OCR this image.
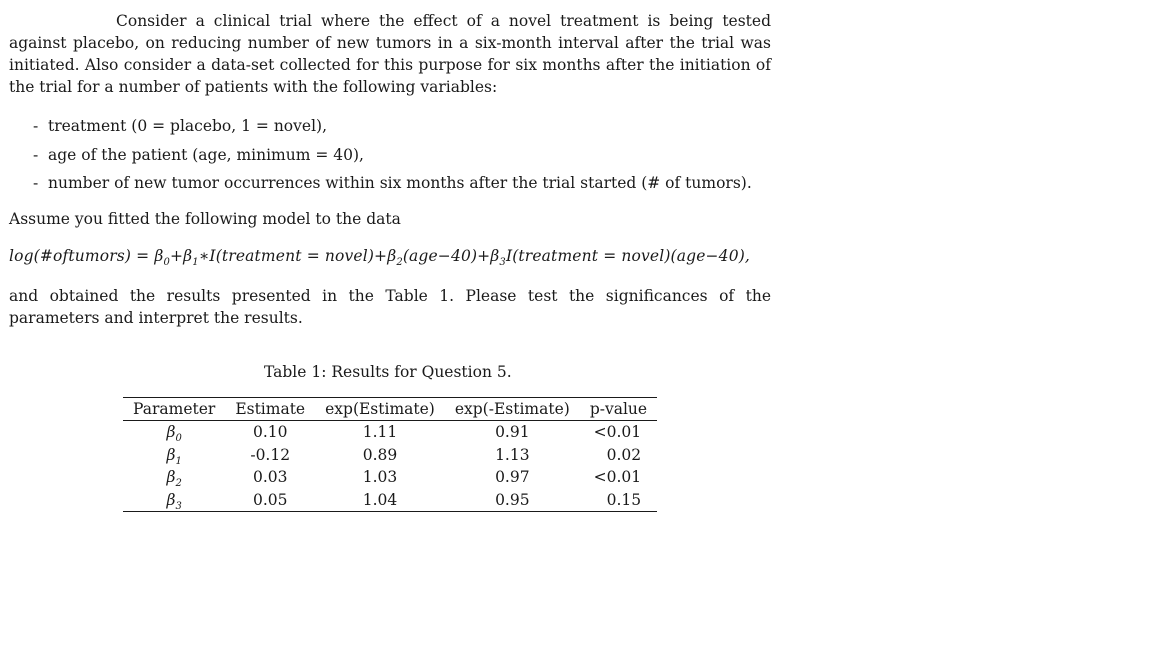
Consider a clinical trial where the effect of a novel treatment is being tested against placebo, on reducing number of new tumors in a six-month interval after the trial was initiated. Also consider a data-set collected for this purpose for six months after the initiation of the trial for a number of patients with the following variables:

- treatment (0 = placebo, 1 = novel),
- age of the patient (age, minimum = 40),
- number of new tumor occurrences within six months after the trial started (# of tumors).

Assume you fitted the following model to the data

log(#oftumors) = $\beta_0+\beta_1∗I(treatment$ = $novel)+\beta_2(age-40)+\beta_3I(treatment$ = novel)(age−40),

and obtained the results presented in the Table 1. Please test the significances of the parameters and interpret the results.

Table 1: Results for Question 5.
Parameter	Estimate	exp(Estimate)	exp(-Estimate)	p-value
$\beta_0$	0.10	1.11	0.91	<0.01
$\beta_1$	-0.12	0.89	1.13	0.02
$\beta_2$	0.03	1.03	0.97	<0.01
$\beta_3$	0.05	1.04	0.95	0.15
